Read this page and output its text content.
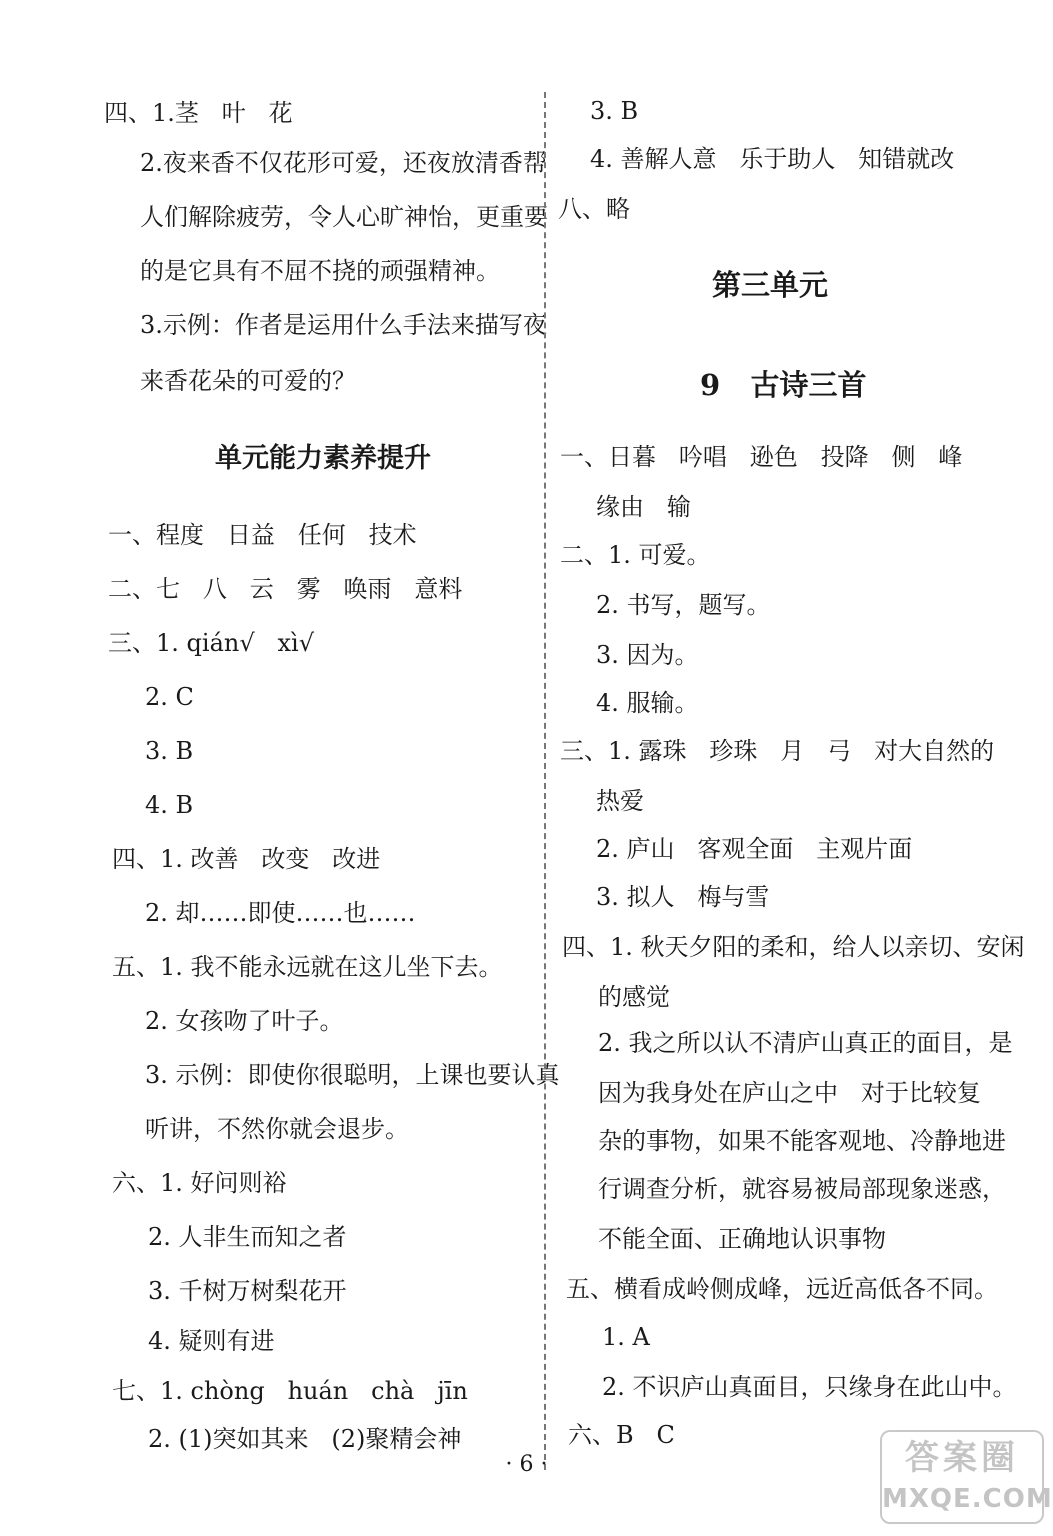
四、1.茎   叶   花
2.夜来香不仅花形可爱，还夜放清香帮
人们解除疲劳，令人心旷神怡，更重要
的是它具有不屈不挠的顽强精神。
3.示例：作者是运用什么手法来描写夜
来香花朵的可爱的？
单元能力素养提升
一、程度   日益   任何   技术
二、七   八   云   雾   唤雨   意料
三、1. qián√   xì√
2. C
3. B
4. B
四、1. 改善   改变   改进
2. 却……即使……也……
五、1. 我不能永远就在这儿坐下去。
2. 女孩吻了叶子。
3. 示例：即使你很聪明，上课也要认真
听讲，不然你就会退步。
六、1. 好问则裕
2. 人非生而知之者
3. 千树万树梨花开
4. 疑则有进
七、1. chòng   huán   chà   jīn
2. (1)突如其来   (2)聚精会神
3. B
4. 善解人意   乐于助人   知错就改
八、略
第三单元
9   古诗三首
一、日暮   吟唱   逊色   投降   侧   峰
缘由   输
二、1. 可爱。
2. 书写，题写。
3. 因为。
4. 服输。
三、1. 露珠   珍珠   月   弓   对大自然的
热爱
2. 庐山   客观全面   主观片面
3. 拟人   梅与雪
四、1. 秋天夕阳的柔和，给人以亲切、安闲
的感觉
2. 我之所以认不清庐山真正的面目，是
因为我身处在庐山之中   对于比较复
杂的事物，如果不能客观地、冷静地进
行调查分析，就容易被局部现象迷惑，
不能全面、正确地认识事物
五、横看成岭侧成峰，远近高低各不同。
1. A
2. 不识庐山真面目，只缘身在此山中。
六、B   C
· 6 ·	答案圈
MXQE.COM
